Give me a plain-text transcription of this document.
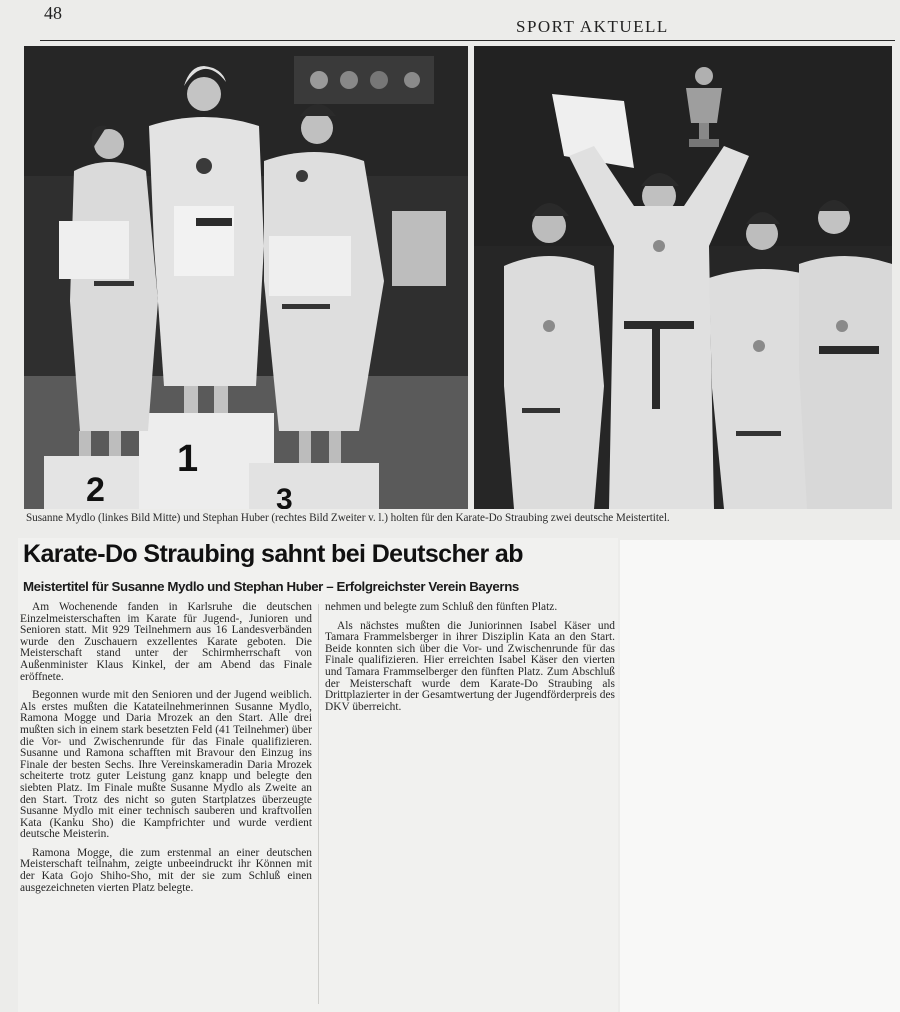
48
SPORT AKTUELL
2
1
3
Susanne Mydlo (linkes Bild Mitte) und Stephan Huber (rechtes Bild Zweiter v. l.) holten für den Karate-Do Straubing zwei deutsche Meistertitel.
Karate-Do Straubing sahnt bei Deutscher ab
Meistertitel für Susanne Mydlo und Stephan Huber – Erfolgreichster Verein Bayerns

Am Wochenende fanden in Karlsruhe die deutschen Einzelmeisterschaften im Karate für Jugend-, Junioren und Senioren statt. Mit 929 Teilnehmern aus 16 Landesverbänden wurde den Zuschauern exzellentes Karate geboten. Die Meisterschaft stand unter der Schirmherrschaft von Außenminister Klaus Kinkel, der am Abend das Finale eröffnete.

Begonnen wurde mit den Senioren und der Jugend weiblich. Als erstes mußten die Katateilnehmerinnen Susanne Mydlo, Ramona Mogge und Daria Mrozek an den Start. Alle drei mußten sich in einem stark besetzten Feld (41 Teilnehmer) über die Vor- und Zwischenrunde für das Finale qualifizieren. Susanne und Ramona schafften mit Bravour den Einzug ins Finale der besten Sechs. Ihre Vereinskameradin Daria Mrozek scheiterte trotz guter Leistung ganz knapp und belegte den siebten Platz. Im Finale mußte Susanne Mydlo als Zweite an den Start. Trotz des nicht so guten Startplatzes überzeugte Susanne Mydlo mit einer technisch sauberen und kraftvollen Kata (Kanku Sho) die Kampfrichter und wurde verdient deutsche Meisterin.

Ramona Mogge, die zum erstenmal an einer deutschen Meisterschaft teilnahm, zeigte unbeeindruckt ihr Können mit der Kata Gojo Shiho-Sho, mit der sie zum Schluß einen ausgezeichneten vierten Platz belegte.

nehmen und belegte zum Schluß den fünften Platz.

Als nächstes mußten die Juniorinnen Isabel Käser und Tamara Frammelsberger in ihrer Disziplin Kata an den Start. Beide konnten sich über die Vor- und Zwischenrunde für das Finale qualifizieren. Hier erreichten Isabel Käser den vierten und Tamara Frammselberger den fünften Platz. Zum Abschluß der Meisterschaft wurde dem Karate-Do Straubing als Drittplazierter in der Gesamtwertung der Jugendförderpreis des DKV überreicht.
